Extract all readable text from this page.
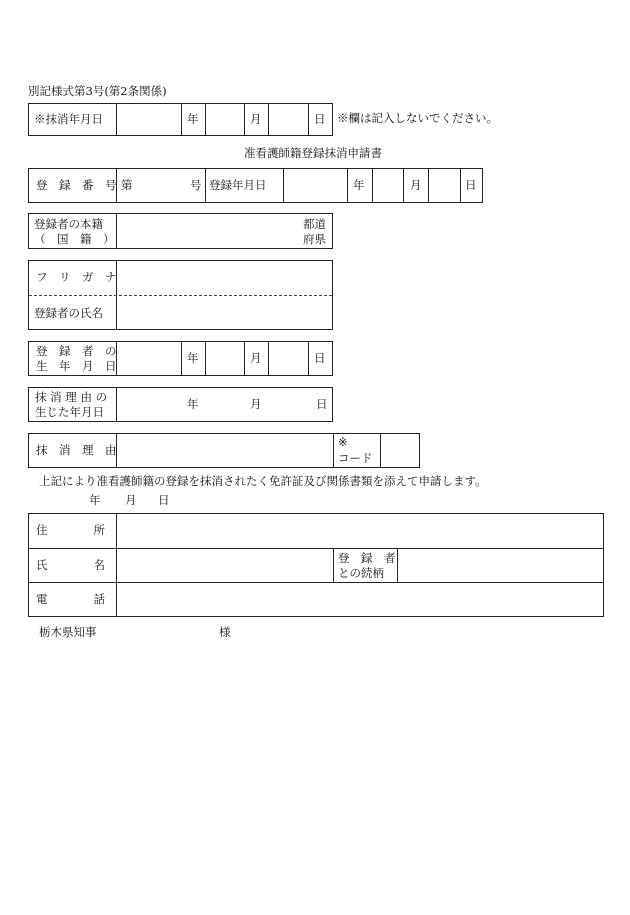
別記様式第3号(第2条関係)
※抹消年月日	年	月	日 ※欄は記入しないでください。
准看護師籍登録抹消申請書
登　録　番　号 第	号 登録年月日	年	月	日
登録者の本籍
（　国　籍　）
都道
府県
フ　リ　ガ　ナ
登録者の氏名
登　録　者　の
生　年　月　日
年	月	日
抹 消 理 由 の
生じた年月日
年	月	日
抹　消　理　由
※
コード
上記により准看護師籍の登録を抹消されたく免許証及び関係書類を添えて申請します。
年 月 日
住　　　　所
氏　　　　名	登　録　者
との続柄
電　　　　話
栃木県知事	様
